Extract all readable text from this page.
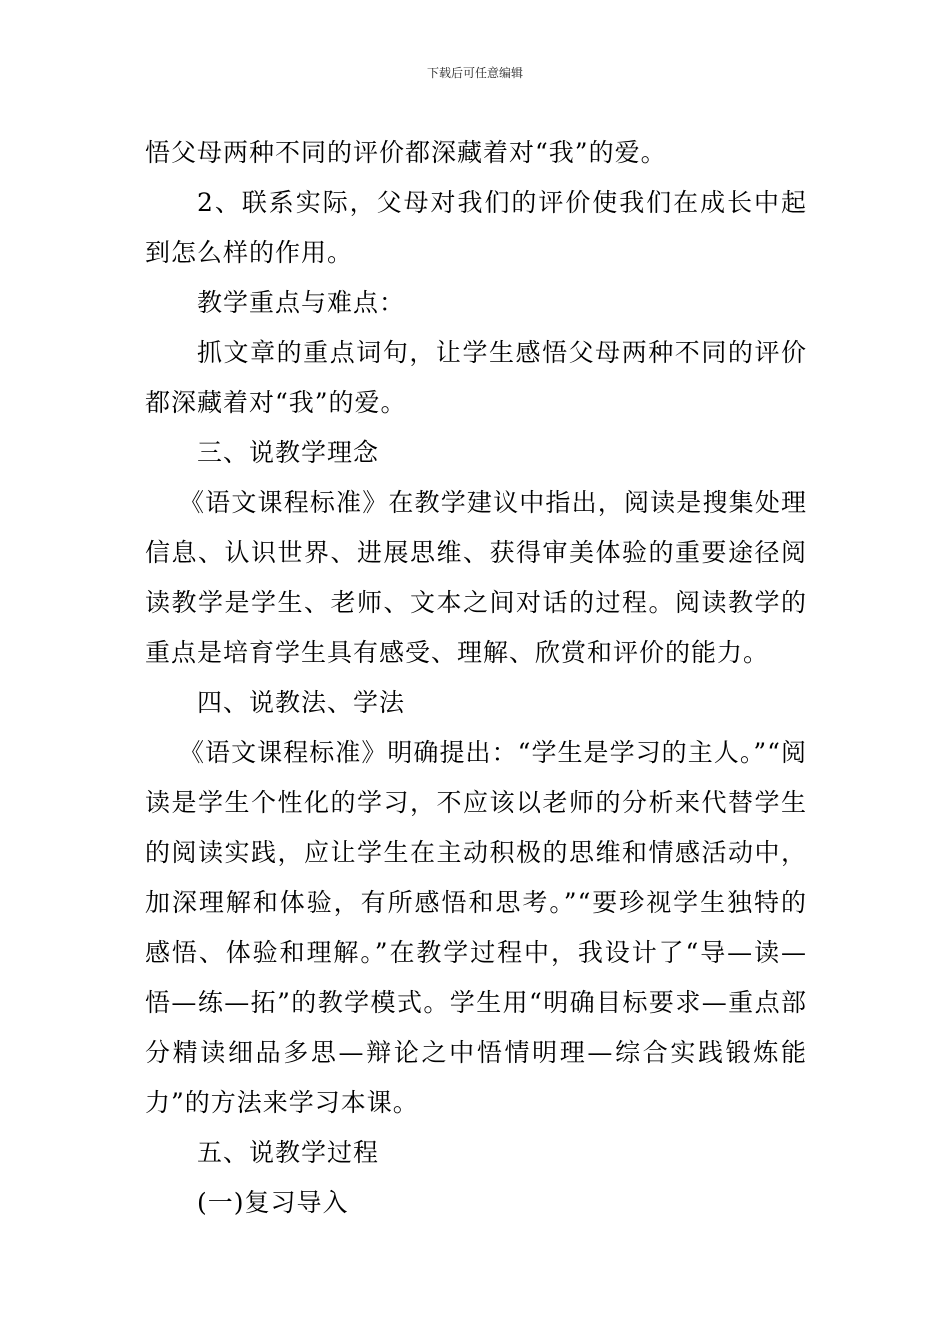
下载后可任意编辑

悟父母两种不同的评价都深藏着对“我”的爱。

2、联系实际，父母对我们的评价使我们在成长中起到怎么样的作用。

教学重点与难点：

抓文章的重点词句，让学生感悟父母两种不同的评价都深藏着对“我”的爱。

三、说教学理念

《语文课程标准》在教学建议中指出，阅读是搜集处理信息、认识世界、进展思维、获得审美体验的重要途径阅读教学是学生、老师、文本之间对话的过程。阅读教学的重点是培育学生具有感受、理解、欣赏和评价的能力。

四、说教法、学法

《语文课程标准》明确提出：“学生是学习的主人。”“阅读是学生个性化的学习，不应该以老师的分析来代替学生的阅读实践，应让学生在主动积极的思维和情感活动中，加深理解和体验，有所感悟和思考。”“要珍视学生独特的感悟、体验和理解。”在教学过程中，我设计了“导—读—悟—练—拓”的教学模式。学生用“明确目标要求—重点部分精读细品多思—辩论之中悟情明理—综合实践锻炼能力”的方法来学习本课。

五、说教学过程

(一)复习导入
